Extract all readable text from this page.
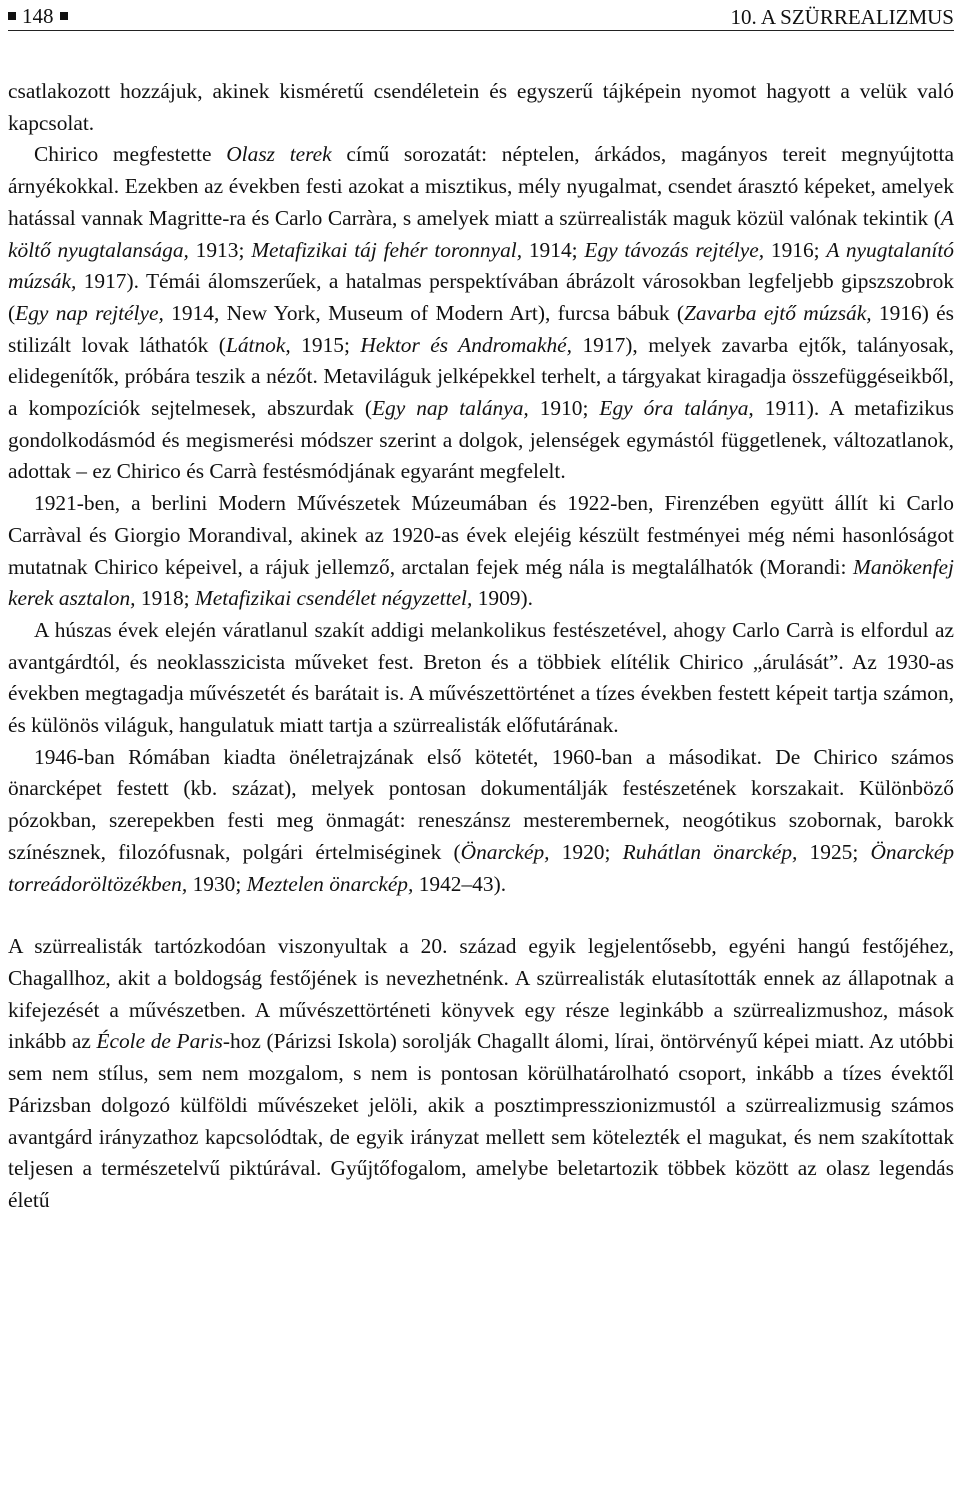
148	10. A SZÜRREALIZMUS

csatlakozott hozzájuk, akinek kisméretű csendéletein és egyszerű tájképein nyomot hagyott a velük való kapcsolat.

Chirico megfestette Olasz terek című sorozatát: néptelen, árkádos, magányos tereit megnyújtotta árnyékokkal. Ezekben az években festi azokat a misztikus, mély nyugalmat, csendet árasztó képeket, amelyek hatással vannak Magritte-ra és Carlo Carràra, s amelyek miatt a szürrealisták maguk közül valónak tekintik (A költő nyugtalansága, 1913; Metafizikai táj fehér toronnyal, 1914; Egy távozás rejtélye, 1916; A nyugtalanító múzsák, 1917). Témái álomszerűek, a hatalmas perspektívában ábrázolt városokban legfeljebb gipszszobrok (Egy nap rejtélye, 1914, New York, Museum of Modern Art), furcsa bábuk (Zavarba ejtő múzsák, 1916) és stilizált lovak láthatók (Látnok, 1915; Hektor és Andromakhé, 1917), melyek zavarba ejtők, talányosak, elidegenítők, próbára teszik a nézőt. Metaviláguk jelképekkel terhelt, a tárgyakat kiragadja összefüggéseikből, a kompozíciók sejtelmesek, abszurdak (Egy nap talánya, 1910; Egy óra talánya, 1911). A metafizikus gondolkodásmód és megismerési módszer szerint a dolgok, jelenségek egymástól függetlenek, változatlanok, adottak – ez Chirico és Carrà festésmódjának egyaránt megfelelt.

1921-ben, a berlini Modern Művészetek Múzeumában és 1922-ben, Firenzében együtt állít ki Carlo Carràval és Giorgio Morandival, akinek az 1920-as évek elejéig készült festményei még némi hasonlóságot mutatnak Chirico képeivel, a rájuk jellemző, arctalan fejek még nála is megtalálhatók (Morandi: Manökenfej kerek asztalon, 1918; Metafizikai csendélet négyzettel, 1909).

A húszas évek elején váratlanul szakít addigi melankolikus festészetével, ahogy Carlo Carrà is elfordul az avantgárdtól, és neoklasszicista műveket fest. Breton és a többiek elítélik Chirico „árulását”. Az 1930-as években megtagadja művészetét és barátait is. A művészettörténet a tízes években festett képeit tartja számon, és különös világuk, hangulatuk miatt tartja a szürrealisták előfutárának.

1946-ban Rómában kiadta önéletrajzának első kötetét, 1960-ban a másodikat. De Chirico számos önarcképet festett (kb. százat), melyek pontosan dokumentálják festészetének korszakait. Különböző pózokban, szerepekben festi meg önmagát: reneszánsz mesterembernek, neogótikus szobornak, barokk színésznek, filozófusnak, polgári értelmiséginek (Önarckép, 1920; Ruhátlan önarckép, 1925; Önarckép torreádoröltözékben, 1930; Meztelen önarckép, 1942–43).

A szürrealisták tartózkodóan viszonyultak a 20. század egyik legjelentősebb, egyéni hangú festőjéhez, Chagallhoz, akit a boldogság festőjének is nevezhetnénk. A szürrealisták elutasították ennek az állapotnak a kifejezését a művészetben. A művészettörténeti könyvek egy része leginkább a szürrealizmushoz, mások inkább az École de Paris-hoz (Párizsi Iskola) sorolják Chagallt álomi, lírai, öntörvényű képei miatt. Az utóbbi sem nem stílus, sem nem mozgalom, s nem is pontosan körülhatárolható csoport, inkább a tízes évektől Párizsban dolgozó külföldi művészeket jelöli, akik a posztimpresszionizmustól a szürrealizmusig számos avantgárd irányzathoz kapcsolódtak, de egyik irányzat mellett sem kötelezték el magukat, és nem szakítottak teljesen a természetelvű piktúrával. Gyűjtőfogalom, amelybe beletartozik többek között az olasz legendás életű
